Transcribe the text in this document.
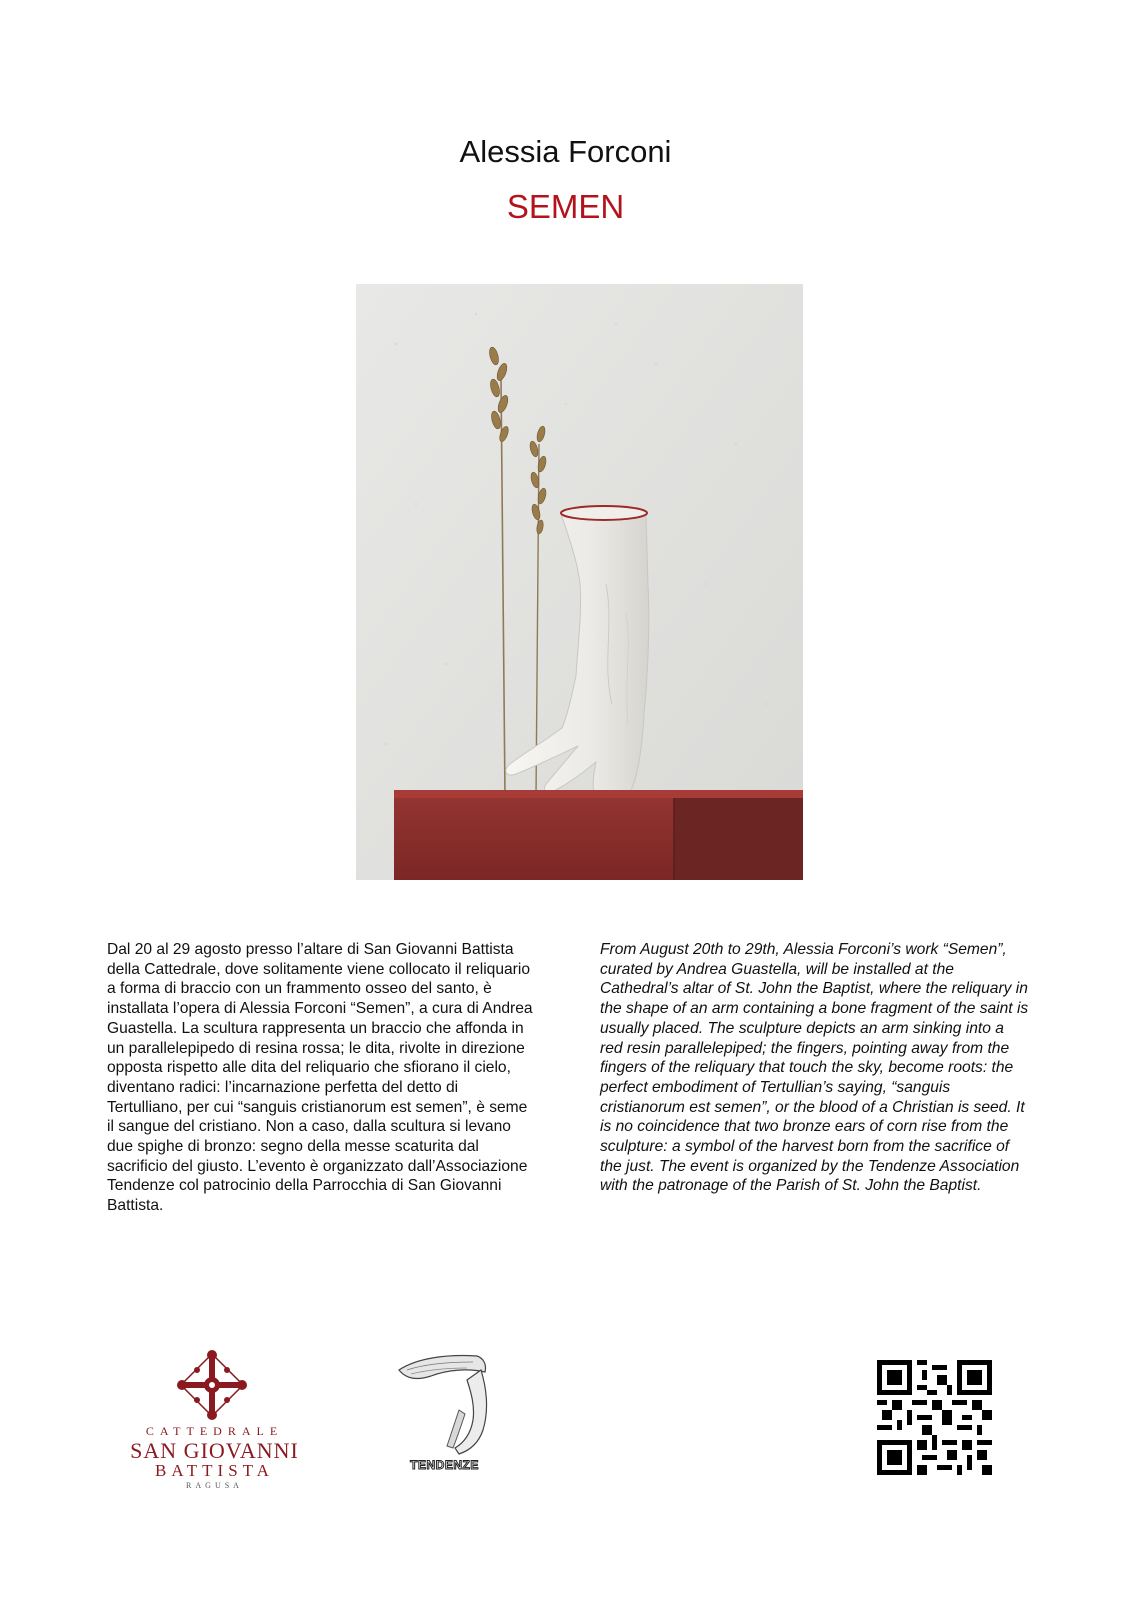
Alessia Forconi
SEMEN
Dal 20 al 29 agosto presso l’altare di San Giovanni Battista della Cattedrale, dove solitamente viene collocato il reliquario a forma di braccio con un frammento osseo del santo, è installata l’opera di Alessia Forconi “Semen”, a cura di Andrea Guastella. La scultura rappresenta un braccio che affonda in un parallelepipedo di resina rossa; le dita, rivolte in direzione opposta rispetto alle dita del reliquario che sfiorano il cielo, diventano radici: l’incarnazione perfetta del detto di Tertulliano, per cui “sanguis cristianorum est semen”, è seme il sangue del cristiano. Non a caso, dalla scultura si levano due spighe di bronzo: segno della messe scaturita dal sacrificio del giusto. L’evento è organizzato dall’Associazione Tendenze col patrocinio della Parrocchia di San Giovanni Battista.
From August 20th to 29th, Alessia Forconi’s work “Semen”, curated by Andrea Guastella, will be installed at the Cathedral’s altar of St. John the Baptist, where the reliquary in the shape of an arm containing a bone fragment of the saint is usually placed. The sculpture depicts an arm sinking into a red resin parallelepiped; the fingers, pointing away from the fingers of the reliquary that touch the sky, become roots: the perfect embodiment of Tertullian’s saying, “sanguis cristianorum est semen”, or the blood of a Christian is seed. It is no coincidence that two bronze ears of corn rise from the sculpture: a symbol of the harvest born from the sacrifice of the just. The event is organized by the Tendenze Association with the patronage of the Parish of St. John the Baptist.
CATTEDRALE
SAN GIOVANNI
BATTISTA
RAGUSA
TENDENZE
